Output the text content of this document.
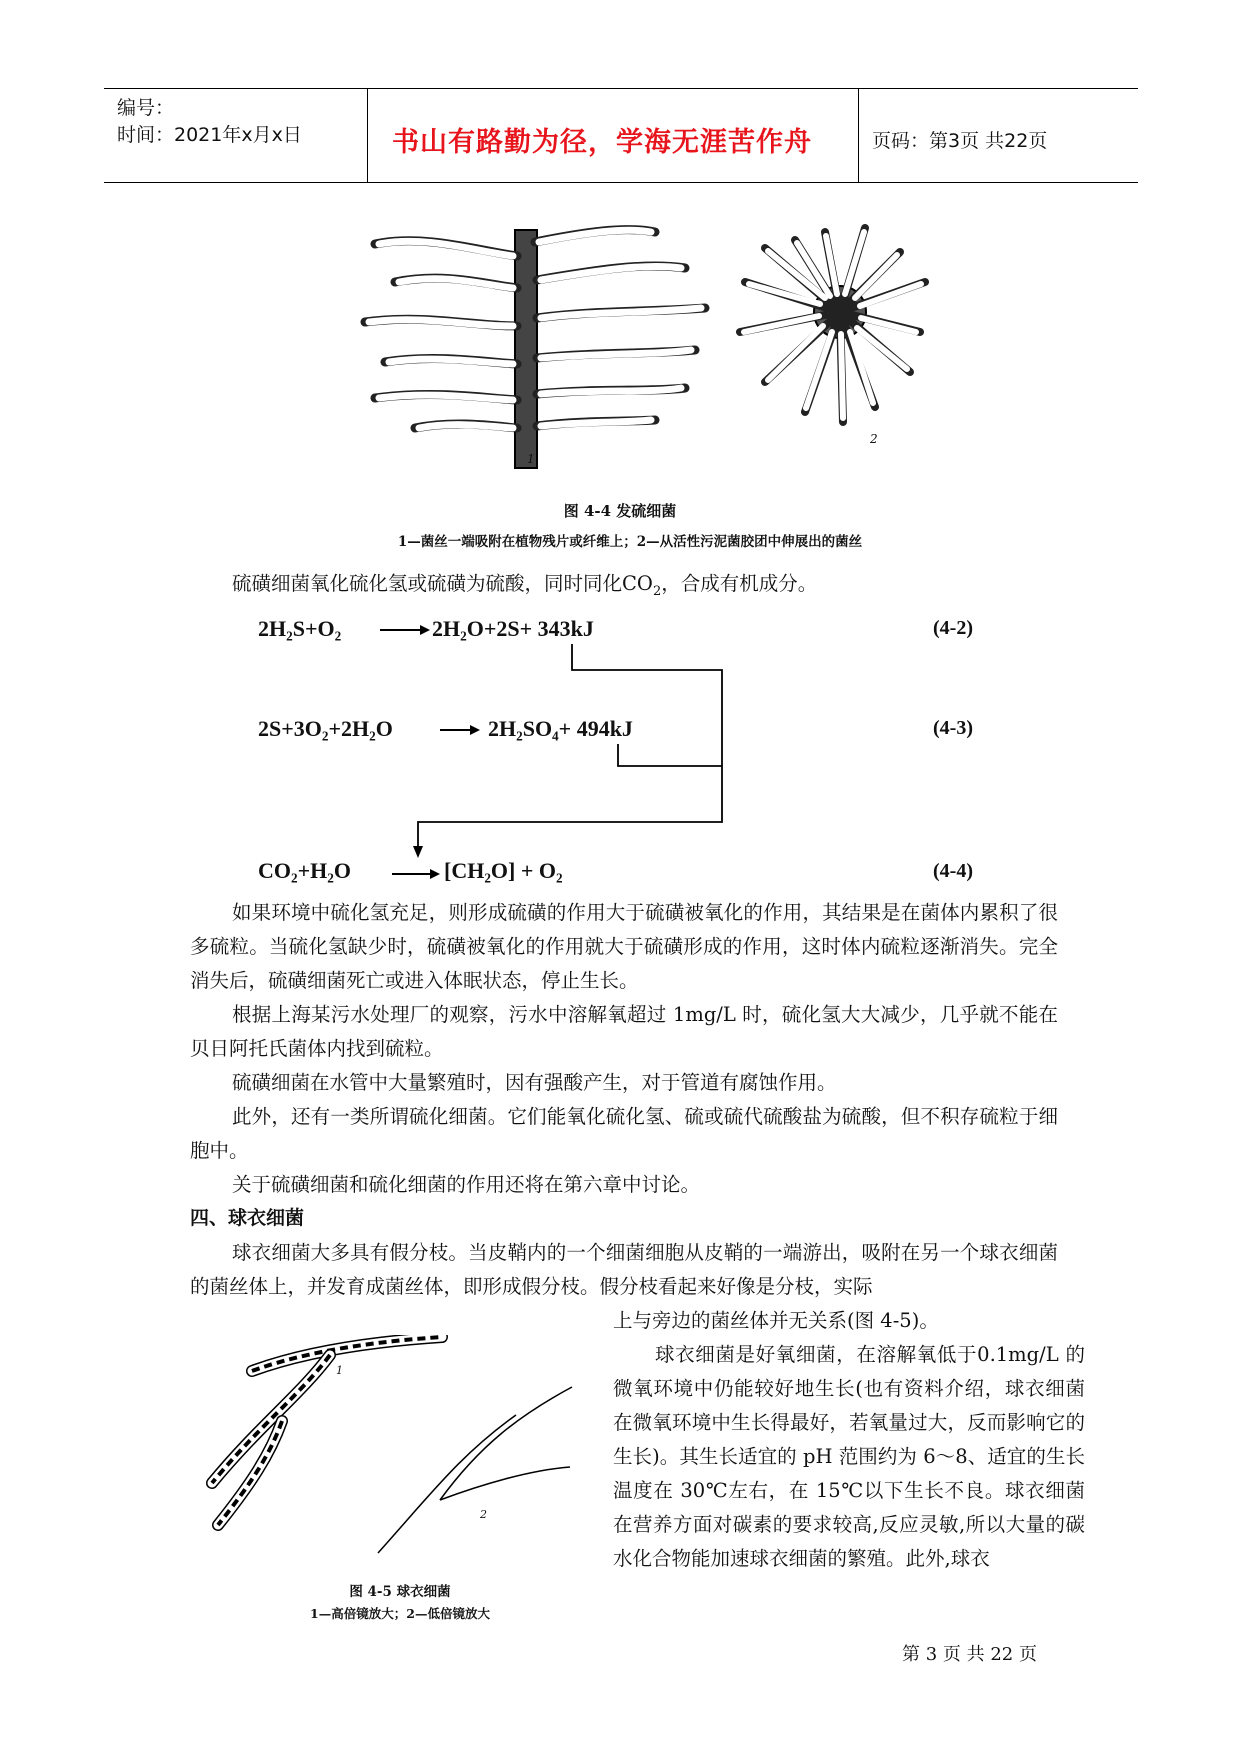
编号：
时间：2021年x月x日	书山有路勤为径，学海无涯苦作舟	页码：第3页 共22页
1
2
图 4-4 发硫细菌
1—菌丝一端吸附在植物残片或纤维上；2—从活性污泥菌胶团中伸展出的菌丝
硫磺细菌氧化硫化氢或硫磺为硫酸，同时同化$CO_2$，合成有机成分。
2H₂S+O₂	2H₂O+2S+ 343kJ	(4-2)
2S+3O₂+2H₂O	2H₂SO₄+ 494kJ	(4-3)
CO₂+H₂O	[CH₂O] + O₂	(4-4)
如果环境中硫化氢充足，则形成硫磺的作用大于硫磺被氧化的作用，其结果是在菌体内累积了很多硫粒。当硫化氢缺少时，硫磺被氧化的作用就大于硫磺形成的作用，这时体内硫粒逐渐消失。完全消失后，硫磺细菌死亡或进入体眠状态，停止生长。
根据上海某污水处理厂的观察，污水中溶解氧超过 1mg/L 时，硫化氢大大减少，几乎就不能在贝日阿托氏菌体内找到硫粒。
硫磺细菌在水管中大量繁殖时，因有强酸产生，对于管道有腐蚀作用。
此外，还有一类所谓硫化细菌。它们能氧化硫化氢、硫或硫代硫酸盐为硫酸，但不积存硫粒于细胞中。
关于硫磺细菌和硫化细菌的作用还将在第六章中讨论。
四、球衣细菌
球衣细菌大多具有假分枝。当皮鞘内的一个细菌细胞从皮鞘的一端游出，吸附在另一个球衣细菌的菌丝体上，并发育成菌丝体，即形成假分枝。假分枝看起来好像是分枝，实际
上与旁边的菌丝体并无关系(图 4-5)。
球衣细菌是好氧细菌，在溶解氧低于0.1mg/L 的微氧环境中仍能较好地生长(也有资料介绍，球衣细菌在微氧环境中生长得最好，若氧量过大，反而影响它的生长)。其生长适宜的 pH 范围约为 6～8、适宜的生长温度在 30℃左右，在 15℃以下生长不良。球衣细菌在营养方面对碳素的要求较高,反应灵敏,所以大量的碳水化合物能加速球衣细菌的繁殖。此外,球衣
1
2
图 4-5 球衣细菌
1—高倍镜放大；2—低倍镜放大
第 3 页 共 22 页
